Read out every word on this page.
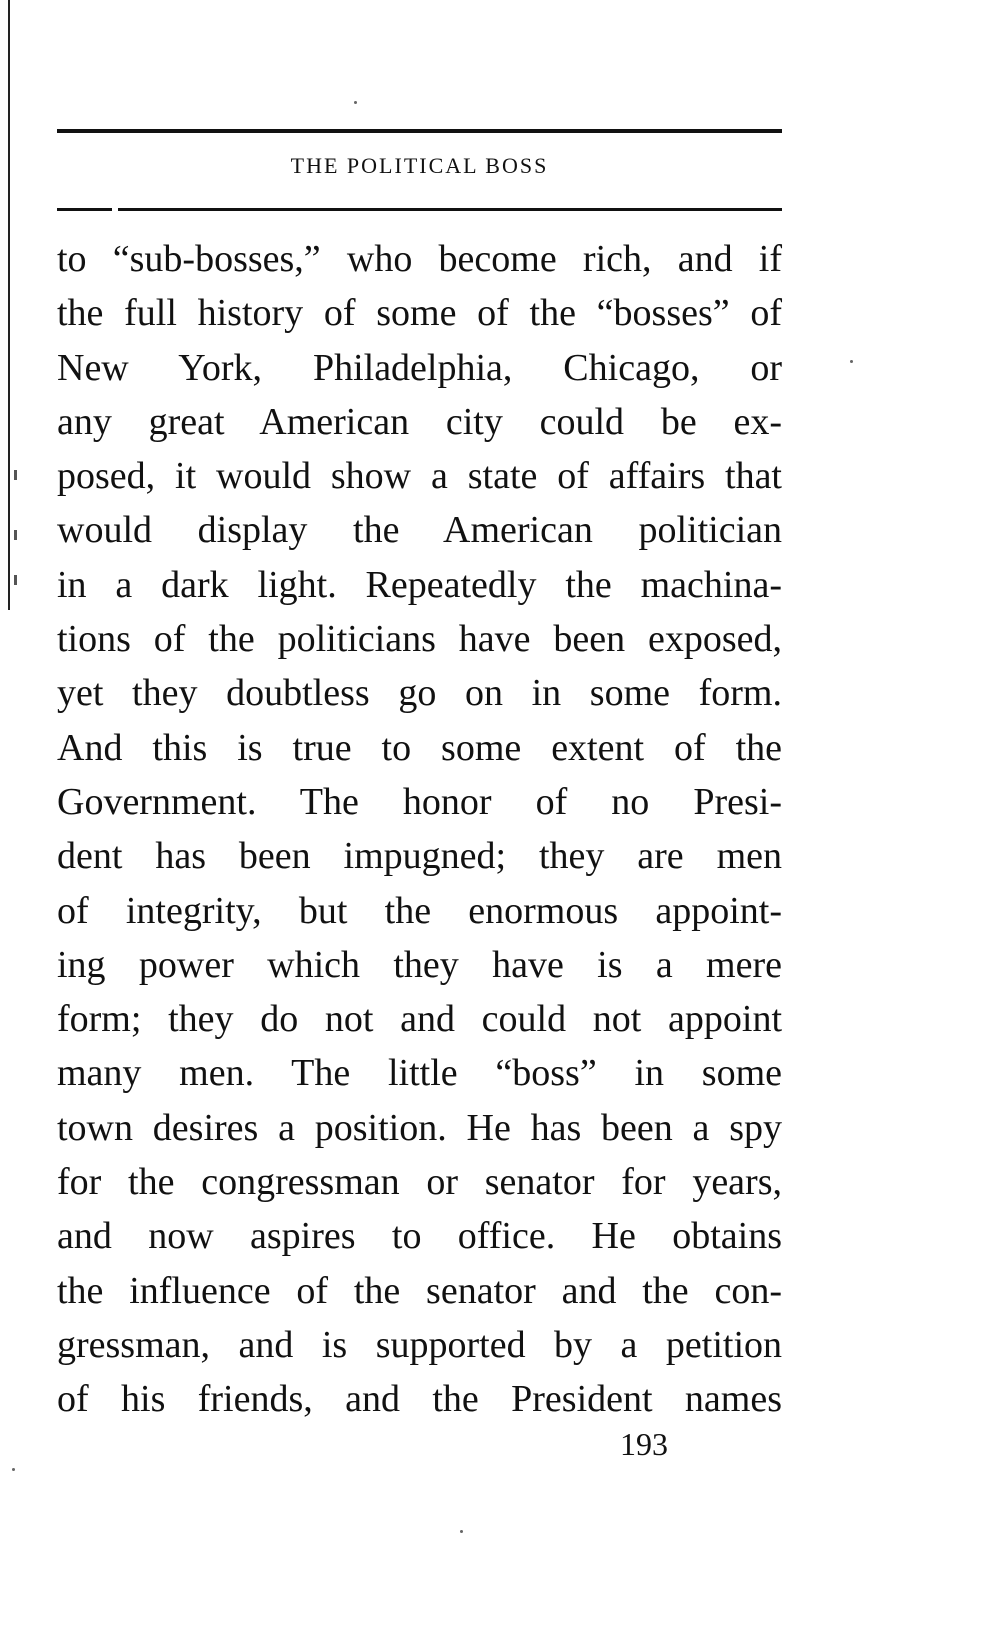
THE POLITICAL BOSS
to “sub-bosses,” who become rich, and if
the full history of some of the “bosses” of
New York, Philadelphia, Chicago, or
any great American city could be ex-
posed, it would show a state of affairs that
would display the American politician
in a dark light. Repeatedly the machina-
tions of the politicians have been exposed,
yet they doubtless go on in some form.
And this is true to some extent of the
Government. The honor of no Presi-
dent has been impugned; they are men
of integrity, but the enormous appoint-
ing power which they have is a mere
form; they do not and could not appoint
many men. The little “boss” in some
town desires a position. He has been a spy
for the congressman or senator for years,
and now aspires to office. He obtains
the influence of the senator and the con-
gressman, and is supported by a petition
of his friends, and the President names
193
